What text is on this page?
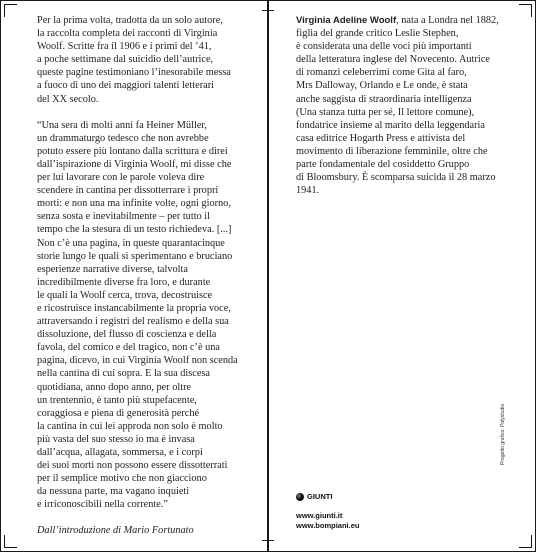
Per la prima volta, tradotta da un solo autore,
la raccolta completa dei racconti di Virginia
Woolf. Scritte fra il 1906 e i primi del ’41,
a poche settimane dal suicidio dell’autrice,
queste pagine testimoniano l’inesorabile messa
a fuoco di uno dei maggiori talenti letterari
del XX secolo.

“Una sera di molti anni fa Heiner Müller,
un drammaturgo tedesco che non avrebbe
potuto essere più lontano dalla scrittura e direi
dall’ispirazione di Virginia Woolf, mi disse che
per lui lavorare con le parole voleva dire
scendere in cantina per dissotterrare i propri
morti: e non una ma infinite volte, ogni giorno,
senza sosta e inevitabilmente – per tutto il
tempo che la stesura di un testo richiedeva. [...]
Non c’è una pagina, in queste quarantacinque
storie lungo le quali si sperimentano e bruciano
esperienze narrative diverse, talvolta
incredibilmente diverse fra loro, e durante
le quali la Woolf cerca, trova, decostruisce
e ricostruisce instancabilmente la propria voce,
attraversando i registri del realismo e della sua
dissoluzione, del flusso di coscienza e della
favola, del comico e del tragico, non c’è una
pagina, dicevo, in cui Virginia Woolf non scenda
nella cantina di cui sopra. E la sua discesa
quotidiana, anno dopo anno, per oltre
un trentennio, è tanto più stupefacente,
coraggiosa e piena di generosità perché
la cantina in cui lei approda non solo è molto
più vasta del suo stesso io ma è invasa
dall’acqua, allagata, sommersa, e i corpi
dei suoi morti non possono essere dissotterrati
per il semplice motivo che non giacciono
da nessuna parte, ma vagano inquieti
e irriconoscibili nella corrente.”

Dall’introduzione di Mario Fortunato

Virginia Adeline Woolf, nata a Londra nel 1882,

figlia del grande critico Leslie Stephen,
è considerata una delle voci più importanti
della letteratura inglese del Novecento. Autrice
di romanzi celeberrimi come Gita al faro,
Mrs Dalloway, Orlando e Le onde, è stata
anche saggista di straordinaria intelligenza
(Una stanza tutta per sé, Il lettore comune),
fondatrice insieme al marito della leggendaria
casa editrice Hogarth Press e attivista del
movimento di liberazione femminile, oltre che
parte fondamentale del cosiddetto Gruppo
di Bloomsbury. È scomparsa suicida il 28 marzo
1941.

GIUNTI
www.giunti.it
www.bompiani.eu
Progetto grafico: Polystudio
